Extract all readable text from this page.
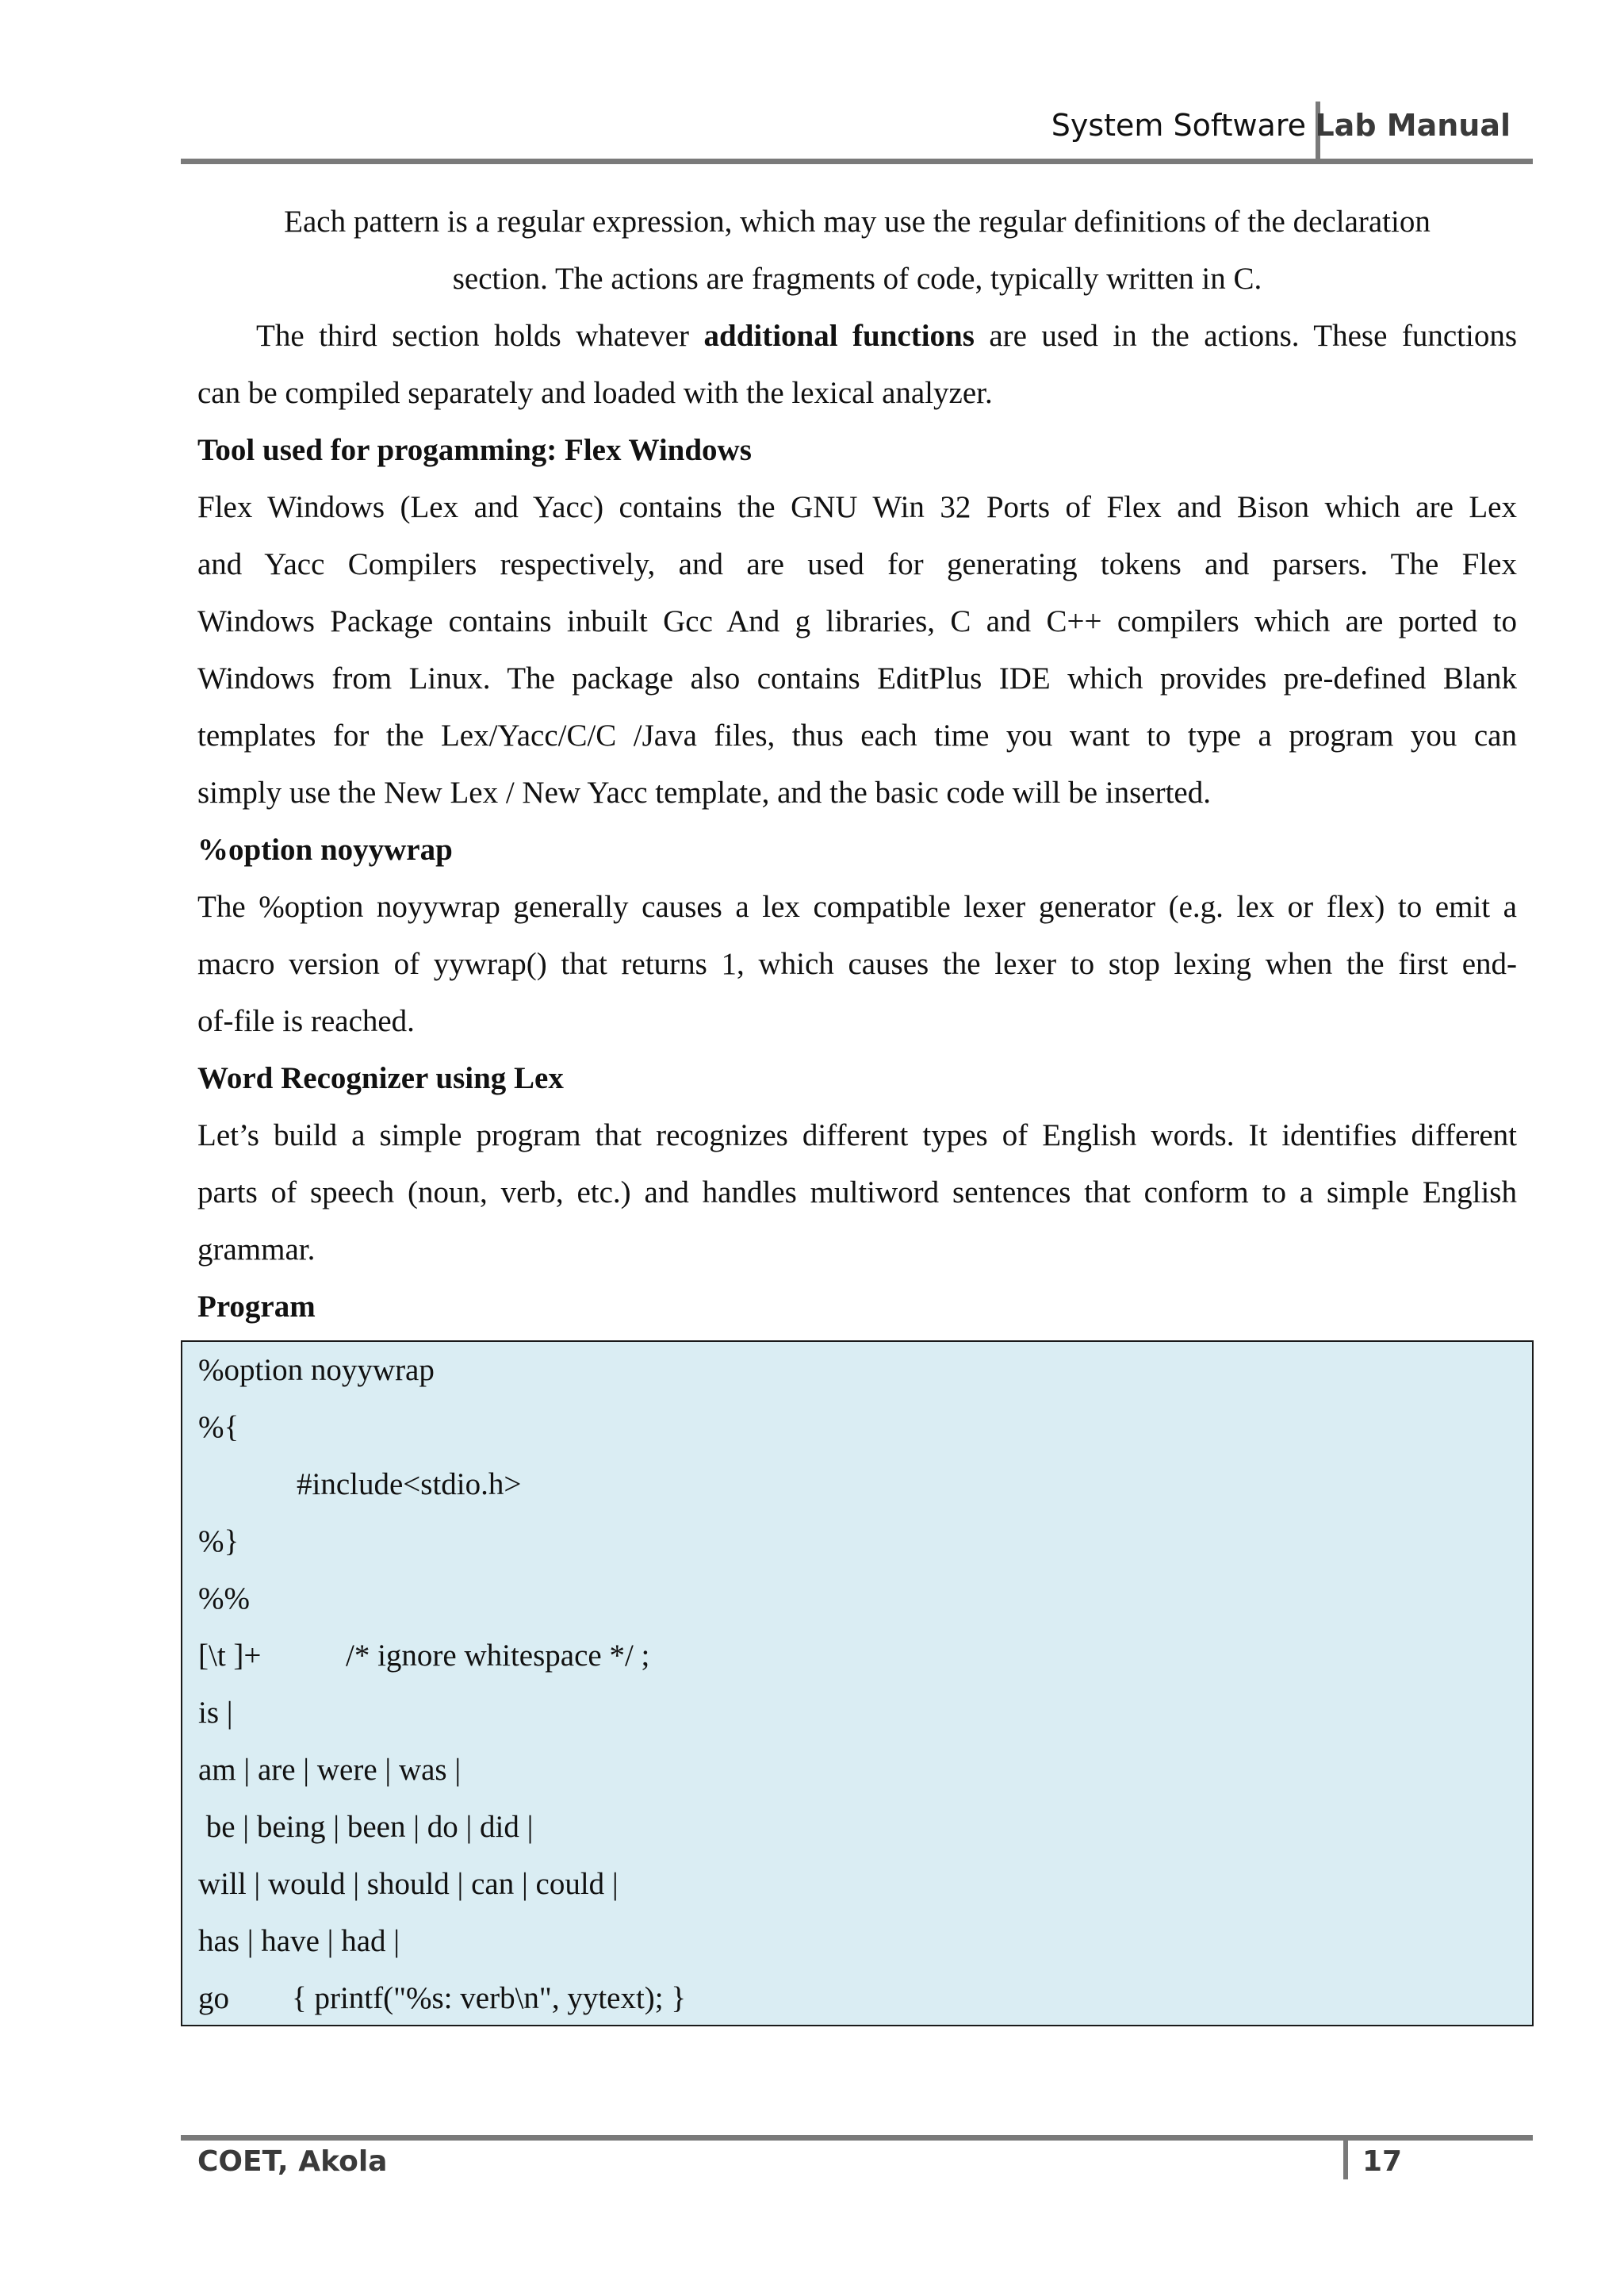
System Software Lab Manual
Each pattern is a regular expression, which may use the regular definitions of the declaration
section. The actions are fragments of code, typically written in C.
The third section holds whatever additional functions are used in the actions. These functions
can be compiled separately and loaded with the lexical analyzer.
Tool used for progamming: Flex Windows
Flex Windows (Lex and Yacc) contains the GNU Win 32 Ports of Flex and Bison which are Lex
and Yacc Compilers respectively, and are used for generating tokens and parsers. The Flex
Windows Package contains inbuilt Gcc And g libraries, C and C++ compilers which are ported to
Windows from Linux. The package also contains EditPlus IDE which provides pre-defined Blank
templates for the Lex/Yacc/C/C /Java files, thus each time you want to type a program you can
simply use the New Lex / New Yacc template, and the basic code will be inserted.
%option noyywrap
The %option noyywrap generally causes a lex compatible lexer generator (e.g. lex or flex) to emit a
macro version of yywrap() that returns 1, which causes the lexer to stop lexing when the first end-
of-file is reached.
Word Recognizer using Lex
Let’s build a simple program that recognizes different types of English words. It identifies different
parts of speech (noun, verb, etc.) and handles multiword sentences that conform to a simple English
grammar.
Program
%option noyywrap
%{
#include<stdio.h>
%}
%%
[\t ]+	/* ignore whitespace */ ;
is |
am | are | were | was |
be | being | been | do | did |
will | would | should | can | could |
has | have | had |
go { printf("%s: verb\n", yytext); }
COET, Akola	17
